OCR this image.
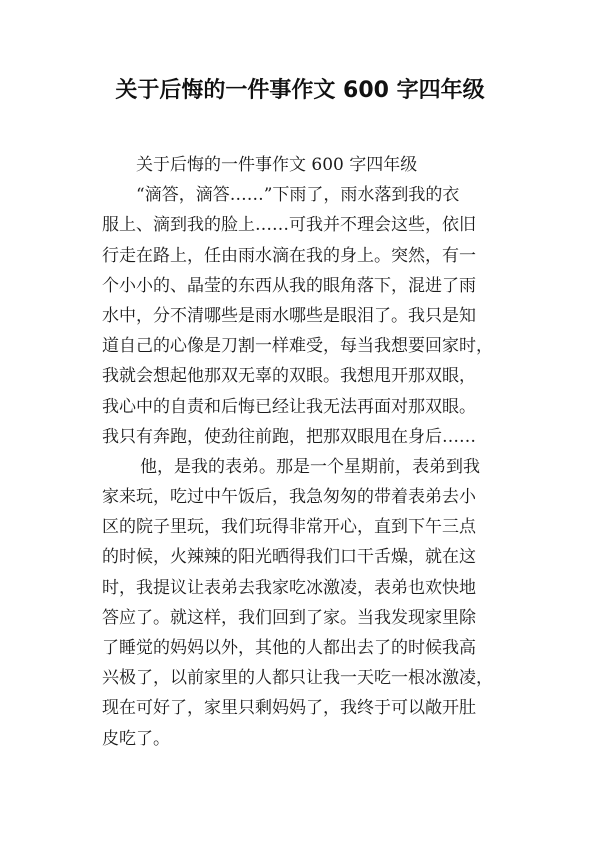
关于后悔的一件事作文 600 字四年级
关于后悔的一件事作文 600 字四年级
“滴答，滴答……”下雨了，雨水落到我的衣
服上、滴到我的脸上……可我并不理会这些，依旧
行走在路上，任由雨水滴在我的身上。突然，有一
个小小的、晶莹的东西从我的眼角落下，混进了雨
水中，分不清哪些是雨水哪些是眼泪了。我只是知
道自己的心像是刀割一样难受，每当我想要回家时，
我就会想起他那双无辜的双眼。我想甩开那双眼，
我心中的自责和后悔已经让我无法再面对那双眼。
我只有奔跑，使劲往前跑，把那双眼甩在身后……
他，是我的表弟。那是一个星期前，表弟到我
家来玩，吃过中午饭后，我急匆匆的带着表弟去小
区的院子里玩，我们玩得非常开心，直到下午三点
的时候，火辣辣的阳光晒得我们口干舌燥，就在这
时，我提议让表弟去我家吃冰激凌，表弟也欢快地
答应了。就这样，我们回到了家。当我发现家里除
了睡觉的妈妈以外，其他的人都出去了的时候我高
兴极了，以前家里的人都只让我一天吃一根冰激凌，
现在可好了，家里只剩妈妈了，我终于可以敞开肚
皮吃了。
